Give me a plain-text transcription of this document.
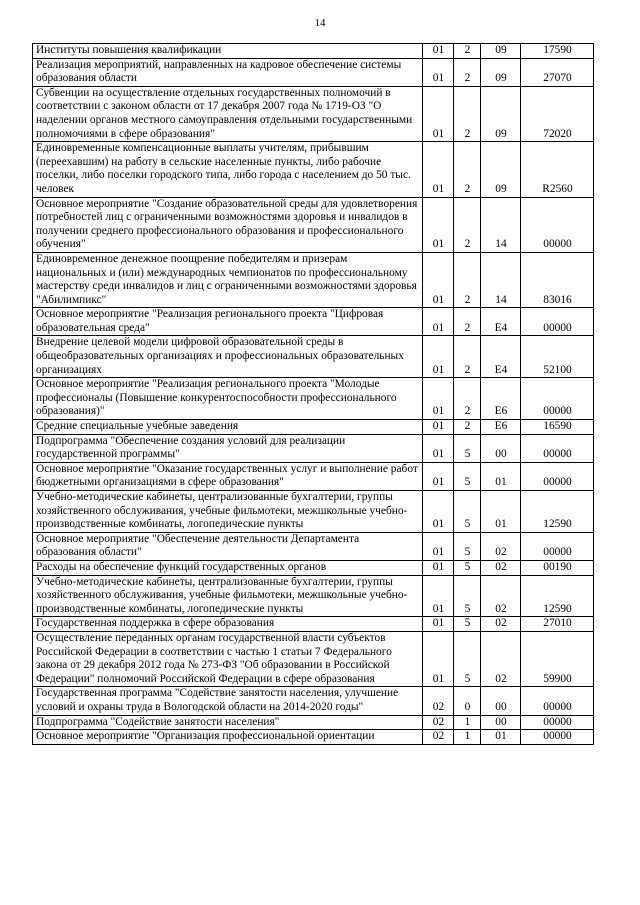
14
Институты повышения квалификации	01	2	09	17590
Реализация мероприятий, направленных на кадровое обеспечение системы образования области	01	2	09	27070
Субвенции на осуществление отдельных государственных полномочий в соответствии с законом области от 17 декабря 2007 года № 1719-ОЗ "О наделении органов местного самоуправления отдельными государственными полномочиями в сфере образования"	01	2	09	72020
Единовременные компенсационные выплаты учителям, прибывшим (переехавшим) на работу в сельские населенные пункты, либо рабочие поселки, либо поселки городского типа, либо города с населением до 50 тыс. человек	01	2	09	R2560
Основное мероприятие "Создание образовательной среды для удовлетворения потребностей лиц с ограниченными возможностями здоровья и инвалидов в получении среднего профессионального образования и профессионального обучения"	01	2	14	00000
Единовременное денежное поощрение победителям и призерам национальных и (или) международных чемпионатов по профессиональному мастерству среди инвалидов и лиц с ограниченными возможностями здоровья "Абилимпикс"	01	2	14	83016
Основное мероприятие "Реализация регионального проекта "Цифровая образовательная среда"	01	2	E4	00000
Внедрение целевой модели цифровой образовательной среды в общеобразовательных организациях и профессиональных образовательных организациях	01	2	E4	52100
Основное мероприятие "Реализация регионального проекта "Молодые профессионалы (Повышение конкурентоспособности профессионального образования)"	01	2	E6	00000
Средние специальные учебные заведения	01	2	E6	16590
Подпрограмма "Обеспечение создания условий для реализации государственной программы"	01	5	00	00000
Основное мероприятие "Оказание государственных услуг и выполнение работ бюджетными организациями в сфере образования"	01	5	01	00000
Учебно-методические кабинеты, централизованные бухгалтерии, группы хозяйственного обслуживания, учебные фильмотеки, межшкольные учебно-производственные комбинаты, логопедические пункты	01	5	01	12590
Основное мероприятие "Обеспечение деятельности Департамента образования области"	01	5	02	00000
Расходы на обеспечение функций государственных органов	01	5	02	00190
Учебно-методические кабинеты, централизованные бухгалтерии, группы хозяйственного обслуживания, учебные фильмотеки, межшкольные учебно-производственные комбинаты, логопедические пункты	01	5	02	12590
Государственная поддержка в сфере образования	01	5	02	27010
Осуществление переданных органам государственной власти субъектов Российской Федерации в соответствии с частью 1 статьи 7 Федерального закона от 29 декабря 2012 года № 273-ФЗ "Об образовании в Российской Федерации" полномочий Российской Федерации в сфере образования	01	5	02	59900
Государственная программа "Содействие занятости населения, улучшение условий и охраны труда в Вологодской области на 2014-2020 годы"	02	0	00	00000
Подпрограмма "Содействие занятости населения"	02	1	00	00000
Основное мероприятие "Организация профессиональной ориентации	02	1	01	00000
